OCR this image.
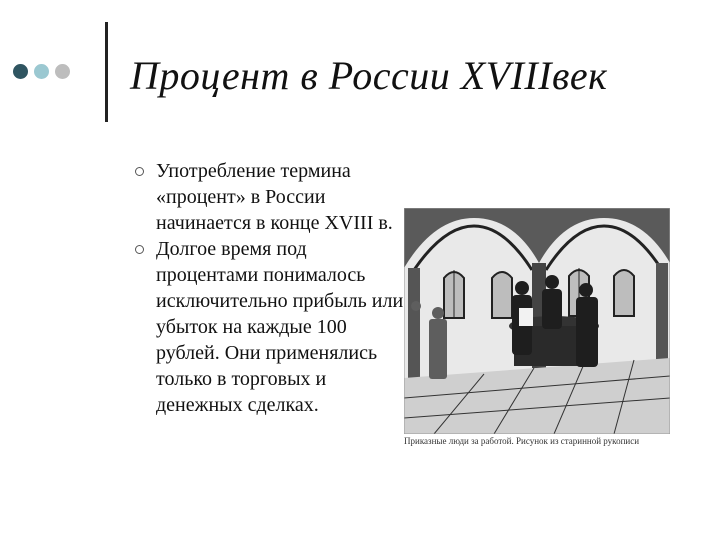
Процент в России XVIIIвек
Употребление термина «процент» в России начинается в конце XVIII в.
Долгое время под процентами понималось исключительно прибыль или убыток на каждые 100 рублей. Они применялись только в торговых и денежных сделках.
Приказные люди за работой. Рисунок из старинной рукописи
